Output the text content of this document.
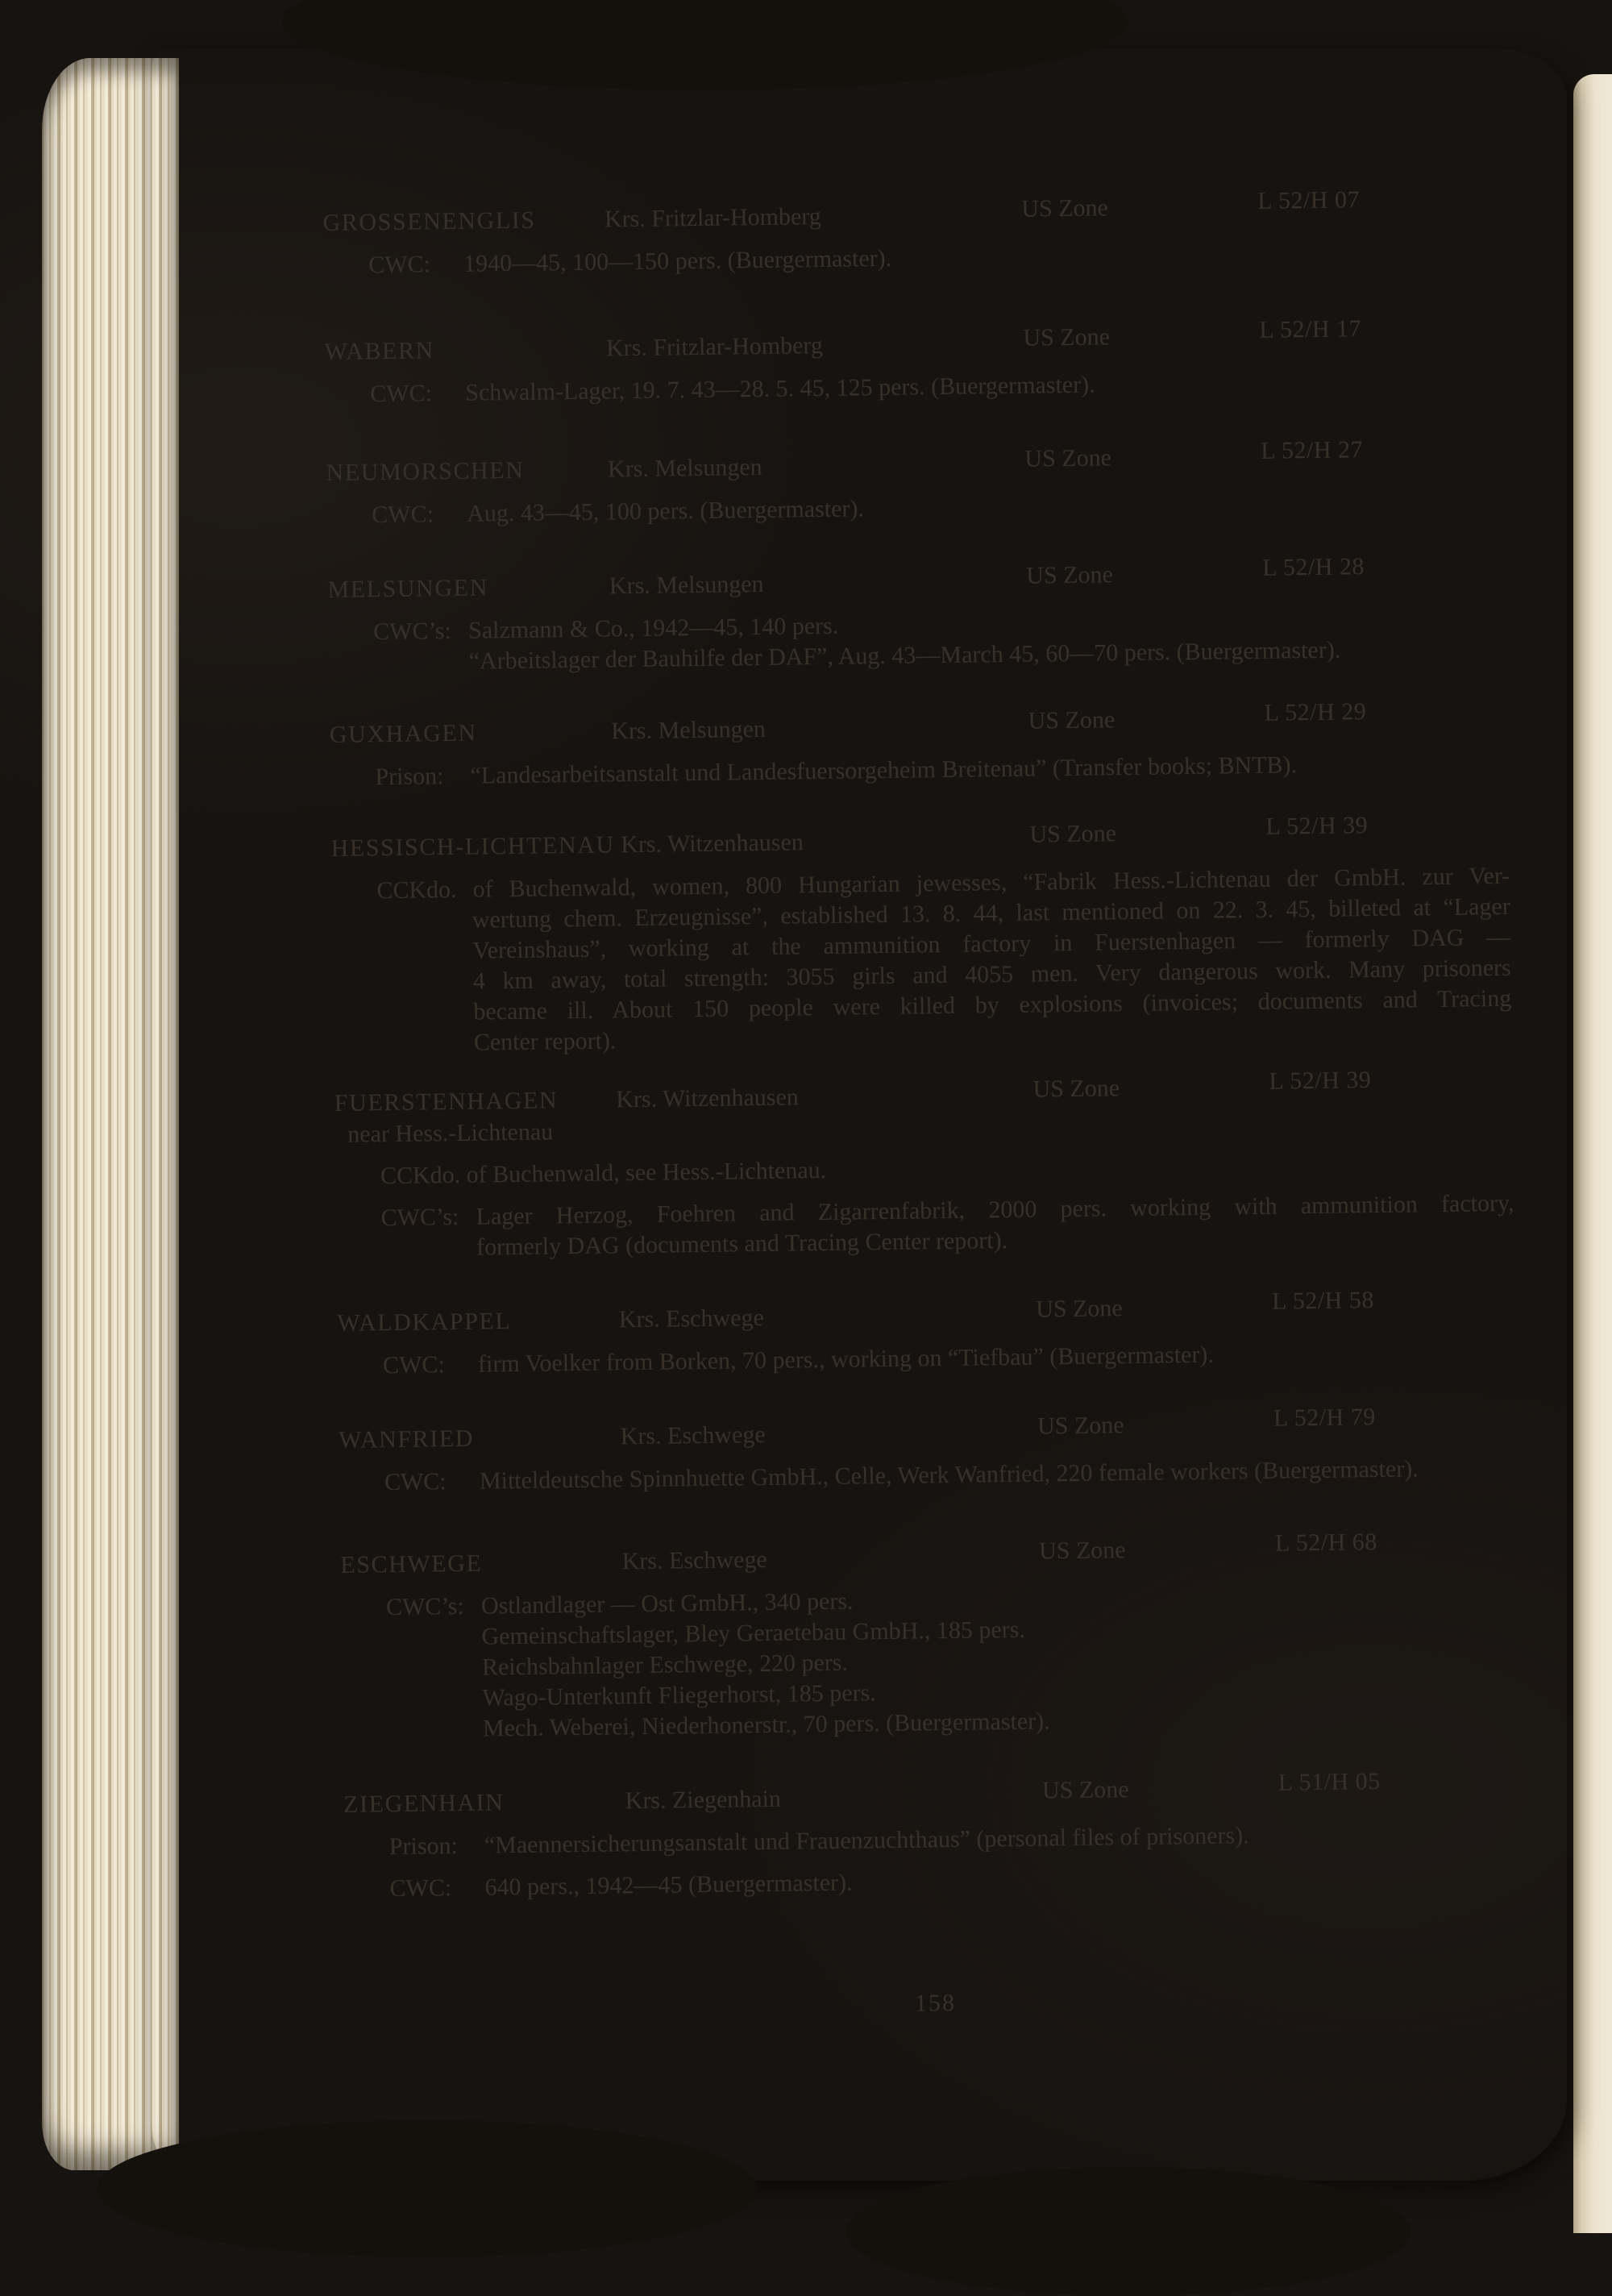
GROSSENENGLIS	Krs. Fritzlar-Homberg	US Zone	L 52/H 07
CWC: 1940—45, 100—150 pers. (Buergermaster).
WABERN	Krs. Fritzlar-Homberg	US Zone	L 52/H 17
CWC: Schwalm-Lager, 19. 7. 43—28. 5. 45, 125 pers. (Buergermaster).
NEUMORSCHEN	Krs. Melsungen	US Zone	L 52/H 27
CWC: Aug. 43—45, 100 pers. (Buergermaster).
MELSUNGEN	Krs. Melsungen	US Zone	L 52/H 28
CWC’s: Salzmann & Co., 1942—45, 140 pers.
“Arbeitslager der Bauhilfe der DAF”, Aug. 43—March 45, 60—70 pers. (Buergermaster).
GUXHAGEN	Krs. Melsungen	US Zone	L 52/H 29
Prison: “Landesarbeitsanstalt und Landesfuersorgeheim Breitenau” (Transfer books; BNTB).
HESSISCH-LICHTENAU Krs. Witzenhausen	US Zone	L 52/H 39
CCKdo. of Buchenwald, women, 800 Hungarian jewesses, “Fabrik Hess.-Lichtenau der GmbH. zur Ver-
wertung chem. Erzeugnisse”, established 13. 8. 44, last mentioned on 22. 3. 45, billeted at “Lager
Vereinshaus”, working at the ammunition factory in Fuerstenhagen — formerly DAG —
4 km away, total strength: 3055 girls and 4055 men. Very dangerous work. Many prisoners
became ill. About 150 people were killed by explosions (invoices; documents and Tracing
Center report).
FUERSTENHAGEN Krs. Witzenhausen	US Zone	L 52/H 39
near Hess.-Lichtenau
CCKdo. of Buchenwald, see Hess.-Lichtenau.
CWC’s: Lager Herzog, Foehren and Zigarrenfabrik, 2000 pers. working with ammunition factory,
formerly DAG (documents and Tracing Center report).
WALDKAPPEL	Krs. Eschwege	US Zone	L 52/H 58
CWC: firm Voelker from Borken, 70 pers., working on “Tiefbau” (Buergermaster).
WANFRIED	Krs. Eschwege	US Zone	L 52/H 79
CWC: Mitteldeutsche Spinnhuette GmbH., Celle, Werk Wanfried, 220 female workers (Buergermaster).
ESCHWEGE	Krs. Eschwege	US Zone	L 52/H 68
CWC’s: Ostlandlager — Ost GmbH., 340 pers.
Gemeinschaftslager, Bley Geraetebau GmbH., 185 pers.
Reichsbahnlager Eschwege, 220 pers.
Wago-Unterkunft Fliegerhorst, 185 pers.
Mech. Weberei, Niederhonerstr., 70 pers. (Buergermaster).
ZIEGENHAIN	Krs. Ziegenhain	US Zone	L 51/H 05
Prison: “Maennersicherungsanstalt und Frauenzuchthaus” (personal files of prisoners).
CWC: 640 pers., 1942—45 (Buergermaster).
158
